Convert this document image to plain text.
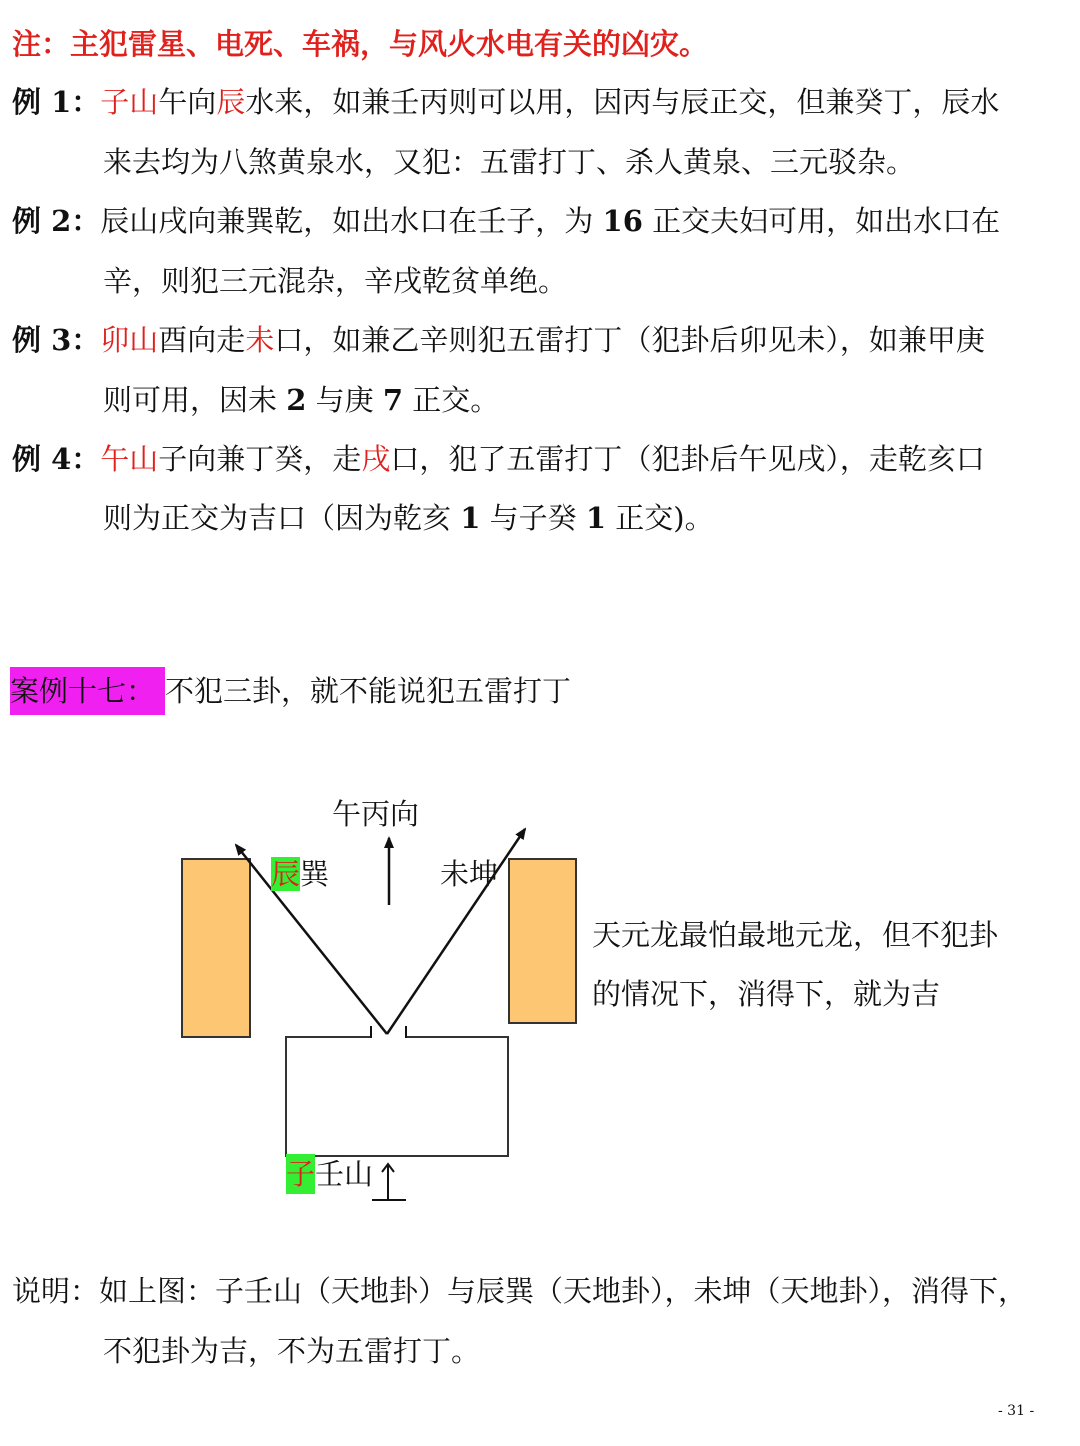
注：主犯雷星、电死、车祸，与风火水电有关的凶灾。
例 1：子山午向辰水来，如兼壬丙则可以用，因丙与辰正交，但兼癸丁，辰水
来去均为八煞黄泉水，又犯：五雷打丁、杀人黄泉、三元驳杂。
例 2：辰山戌向兼巽乾，如出水口在壬子，为 16 正交夫妇可用，如出水口在
辛，则犯三元混杂，辛戌乾贫单绝。
例 3：卯山酉向走未口，如兼乙辛则犯五雷打丁（犯卦后卯见未），如兼甲庚
则可用，因未 2 与庚 7 正交。
例 4：午山子向兼丁癸，走戌口，犯了五雷打丁（犯卦后午见戌），走乾亥口
则为正交为吉口（因为乾亥 1 与子癸 1 正交)。
案例十七： 不犯三卦，就不能说犯五雷打丁
午丙向
辰巽	未坤
子壬山
天元龙最怕最地元龙，但不犯卦
的情况下，消得下，就为吉
说明：如上图：子壬山（天地卦）与辰巽（天地卦），未坤（天地卦），消得下，
不犯卦为吉，不为五雷打丁。
- 31 -
